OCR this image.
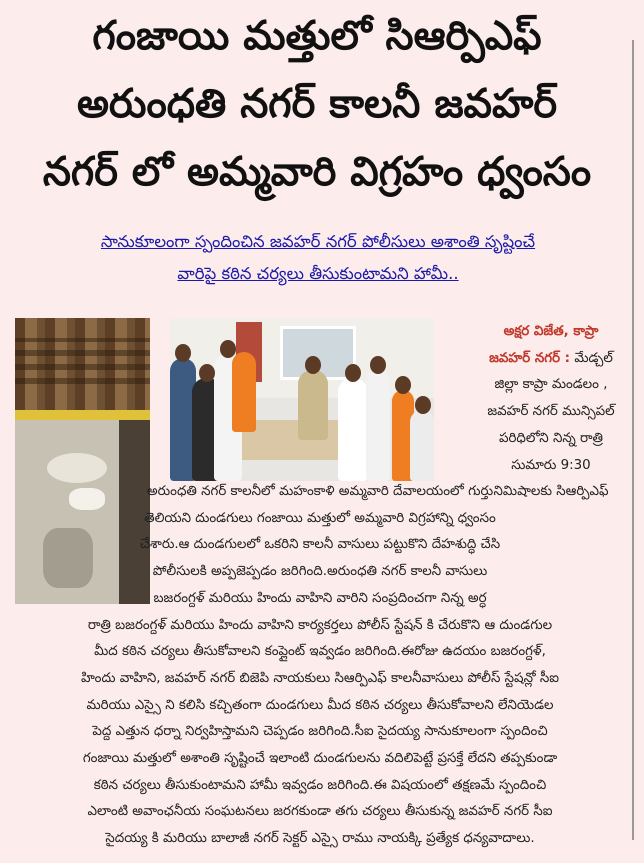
గంజాయి మత్తులో సిఆర్పిఎఫ్
అరుంధతి నగర్ కాలనీ జవహర్
నగర్ లో అమ్మవారి విగ్రహం ధ్వంసం
సానుకూలంగా స్పందించిన జవహర్ నగర్ పోలీసులు అశాంతి సృష్టించే
వారిపై కఠిన చర్యలు తీసుకుంటామని హామీ..

అక్షర విజేత, కాప్రా

జవహర్ నగర్ : మేడ్చల్

జిల్లా కాప్రా మండలం ,

జవహర్ నగర్ మున్సిపల్

పరిధిలోని నిన్న రాత్రి

సుమారు 9:30

నిమిషాలకు సిఆర్పిఎఫ్

అరుంధతి నగర్ కాలనీలో మహంకాళి అమ్మవారి దేవాలయంలో గుర్తు

తెలియని దుండగులు గంజాయి మత్తులో అమ్మవారి విగ్రహాన్ని ధ్వంసం

చేశారు.ఆ దుండగులలో ఒకరిని కాలనీ వాసులు పట్టుకొని దేహశుద్ధి చేసి

పోలీసులకి అప్పజెప్పడం జరిగింది.అరుంధతి నగర్ కాలనీ వాసులు

బజరంగ్దళ్ మరియు హిందు వాహిని వారిని సంప్రదించగా నిన్న అర్ధ

రాత్రి బజరంగ్దళ్ మరియు హిందు వాహిని కార్యకర్తలు పోలీస్ స్టేషన్ కి చేరుకొని ఆ దుండగుల

మీద కఠిన చర్యలు తీసుకోవాలని కంప్లైంట్ ఇవ్వడం జరిగింది.ఈరోజు ఉదయం బజరంగ్దళ్,

హిందు వాహిని, జవహర్ నగర్ బిజెపి నాయకులు సిఆర్పిఎఫ్ కాలనీవాసులు పోలీస్ స్టేషన్లో సీఐ

మరియు ఎస్సై ని కలిసి కచ్చితంగా దుండగులు మీద కఠిన చర్యలు తీసుకోవాలని లేనియెడల

పెద్ద ఎత్తున ధర్నా నిర్వహిస్తామని చెప్పడం జరిగింది.సీఐ సైదయ్య సానుకూలంగా స్పందించి

గంజాయి మత్తులో అశాంతి సృష్టించే ఇలాంటి దుండగులను వదిలిపెట్టే ప్రసక్తే లేదని తప్పకుండా

కఠిన చర్యలు తీసుకుంటామని హామీ ఇవ్వడం జరిగింది.ఈ విషయంలో తక్షణమే స్పందించి

ఎలాంటి అవాంఛనీయ సంఘటనలు జరగకుండా తగు చర్యలు తీసుకున్న జవహర్ నగర్ సీఐ

సైదయ్య కి మరియు బాలాజీ నగర్ సెక్టర్ ఎస్సై రాము నాయక్కి ప్రత్యేక ధన్యవాదాలు.
